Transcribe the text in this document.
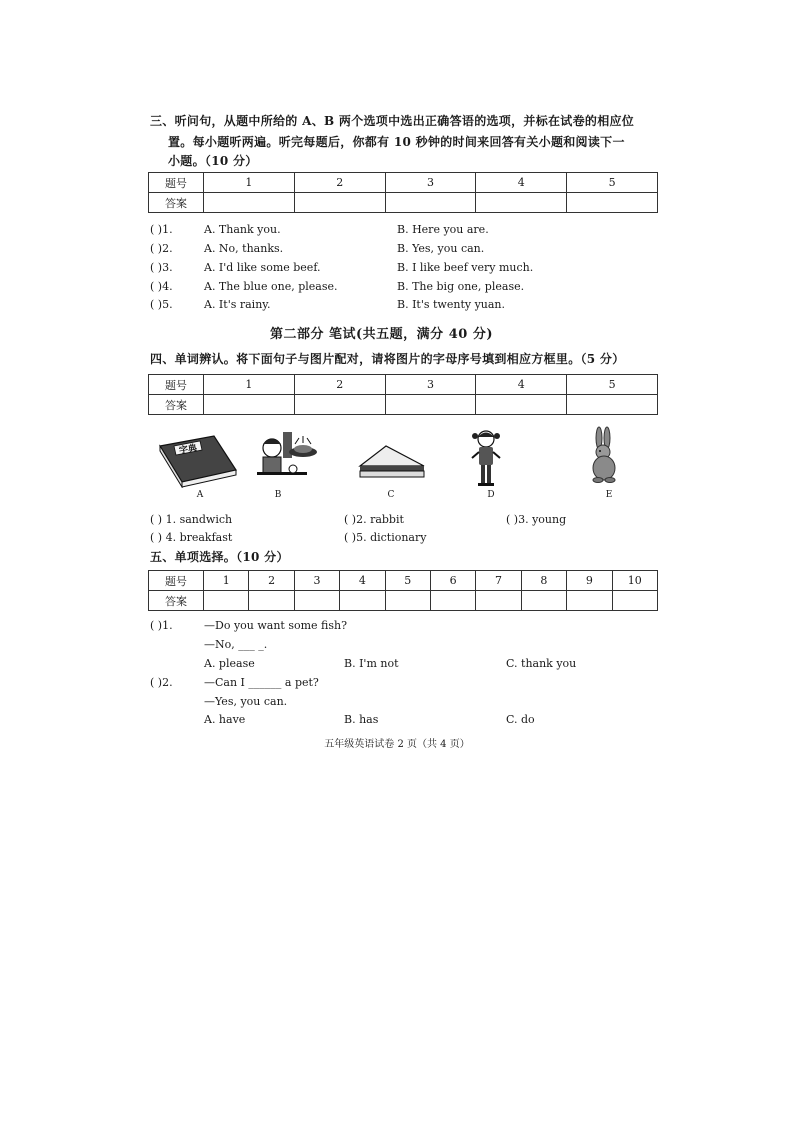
三、听问句，从题中所给的 A、B 两个选项中选出正确答语的选项，并标在试卷的相应位
置。每小题听两遍。听完每题后，你都有 10 秒钟的时间来回答有关小题和阅读下一
小题。（10 分）
题号	1	2	3	4	5
答案					
( )1.	A. Thank you.	B. Here you are.
( )2.	A. No, thanks.	B. Yes, you can.
( )3.	A. I'd like some beef.	B. I like beef very much.
( )4.	A. The blue one, please.	B. The big one, please.
( )5.	A. It's rainy.	B. It's twenty yuan.
第二部分 笔试(共五题，满分 40 分)
四、单词辨认。将下面句子与图片配对，请将图片的字母序号填到相应方框里。（5 分）
题号	1	2	3	4	5
答案					
字典
A	B	C	D	E
( ) 1. sandwich	( )2. rabbit	( )3. young
( ) 4. breakfast	( )5. dictionary
五、单项选择。（10 分）
题号	1	2	3	4	5	6	7	8	9	10
答案										
( )1.	—Do you want some fish?
—No, ___ _.
A. please	B. I'm not	C. thank you
( )2.	—Can I ______ a pet?
—Yes, you can.
A. have	B. has	C. do
五年级英语试卷 2 页（共 4 页）
